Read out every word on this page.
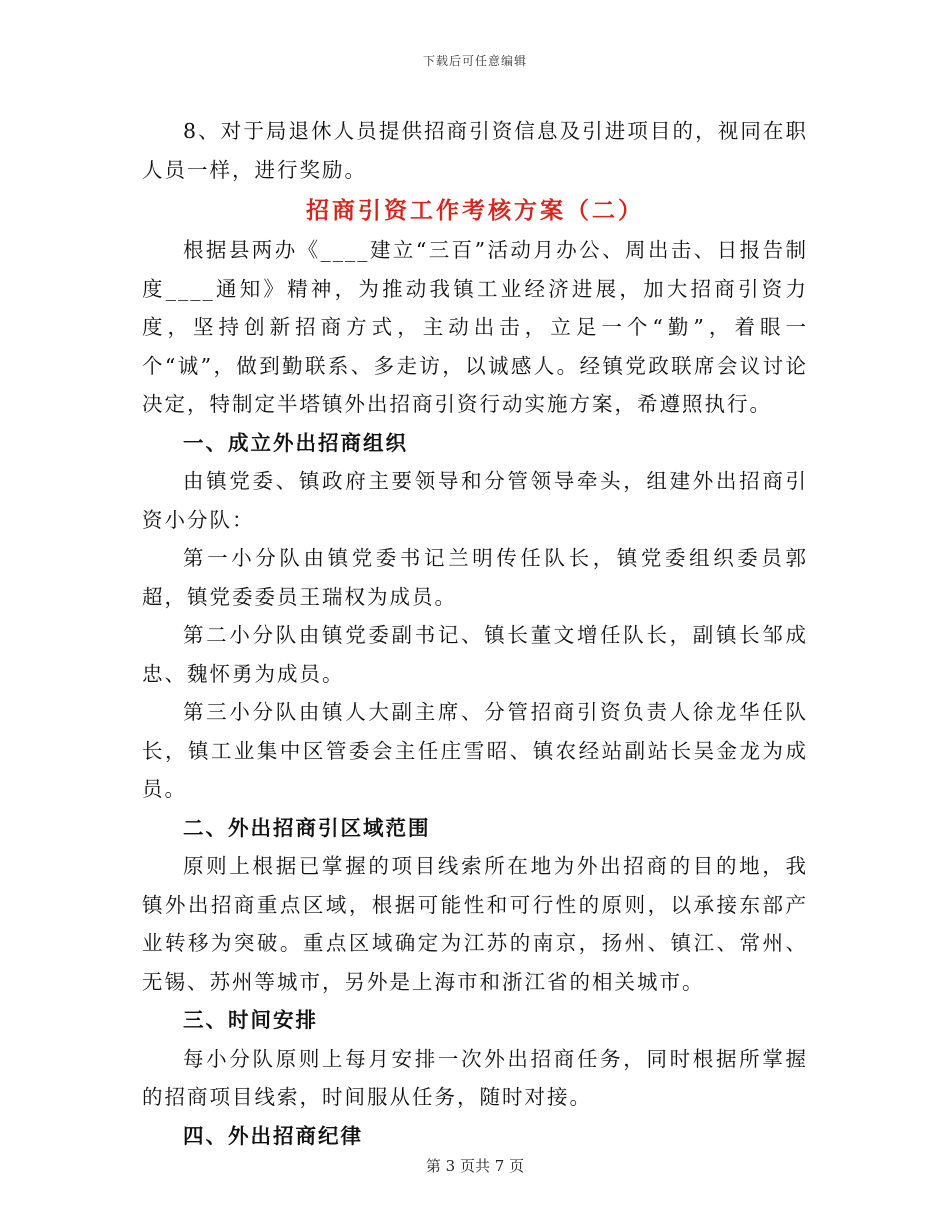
下载后可任意编辑

8、对于局退休人员提供招商引资信息及引进项目的，视同在职人员一样，进行奖励。

招商引资工作考核方案（二）

根据县两办《____建立“三百”活动月办公、周出击、日报告制度____通知》精神，为推动我镇工业经济进展，加大招商引资力度，坚持创新招商方式，主动出击，立足一个“勤”，着眼一个“诚”，做到勤联系、多走访，以诚感人。经镇党政联席会议讨论决定，特制定半塔镇外出招商引资行动实施方案，希遵照执行。

一、成立外出招商组织

由镇党委、镇政府主要领导和分管领导牵头，组建外出招商引资小分队：

第一小分队由镇党委书记兰明传任队长，镇党委组织委员郭超，镇党委委员王瑞权为成员。

第二小分队由镇党委副书记、镇长董文增任队长，副镇长邹成忠、魏怀勇为成员。

第三小分队由镇人大副主席、分管招商引资负责人徐龙华任队长，镇工业集中区管委会主任庄雪昭、镇农经站副站长吴金龙为成员。

二、外出招商引区域范围

原则上根据已掌握的项目线索所在地为外出招商的目的地，我镇外出招商重点区域，根据可能性和可行性的原则，以承接东部产业转移为突破。重点区域确定为江苏的南京，扬州、镇江、常州、无锡、苏州等城市，另外是上海市和浙江省的相关城市。

三、时间安排

每小分队原则上每月安排一次外出招商任务，同时根据所掌握的招商项目线索，时间服从任务，随时对接。

四、外出招商纪律

第 3 页共 7 页
